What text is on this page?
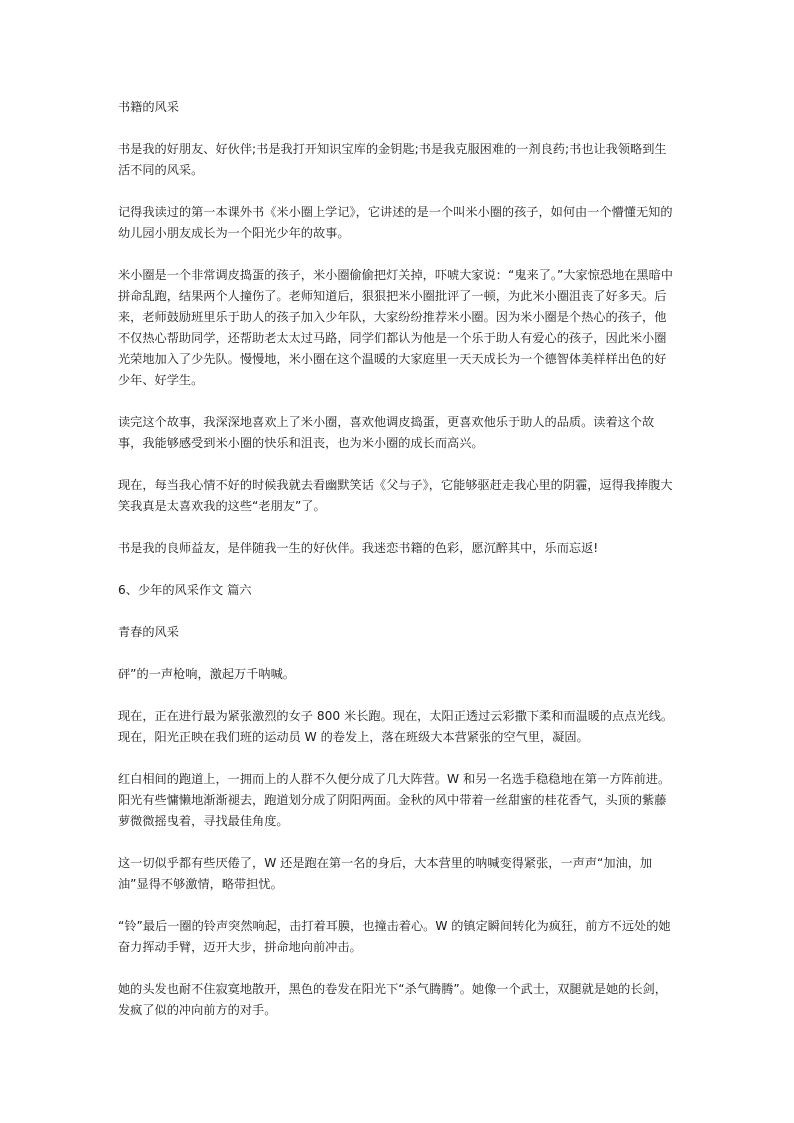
书籍的风采

书是我的好朋友、好伙伴;书是我打开知识宝库的金钥匙;书是我克服困难的一剂良药;书也让我领略到生活不同的风采。

记得我读过的第一本课外书《米小圈上学记》，它讲述的是一个叫米小圈的孩子，如何由一个懵懂无知的幼儿园小朋友成长为一个阳光少年的故事。

米小圈是一个非常调皮捣蛋的孩子，米小圈偷偷把灯关掉，吓唬大家说：“鬼来了。”大家惊恐地在黑暗中拼命乱跑，结果两个人撞伤了。老师知道后，狠狠把米小圈批评了一顿，为此米小圈沮丧了好多天。后来，老师鼓励班里乐于助人的孩子加入少年队，大家纷纷推荐米小圈。因为米小圈是个热心的孩子，他不仅热心帮助同学，还帮助老太太过马路，同学们都认为他是一个乐于助人有爱心的孩子，因此米小圈光荣地加入了少先队。慢慢地，米小圈在这个温暖的大家庭里一天天成长为一个德智体美样样出色的好少年、好学生。

读完这个故事，我深深地喜欢上了米小圈，喜欢他调皮捣蛋，更喜欢他乐于助人的品质。读着这个故事，我能够感受到米小圈的快乐和沮丧，也为米小圈的成长而高兴。

现在，每当我心情不好的时候我就去看幽默笑话《父与子》，它能够驱赶走我心里的阴霾，逗得我捧腹大笑我真是太喜欢我的这些“老朋友”了。

书是我的良师益友，是伴随我一生的好伙伴。我迷恋书籍的色彩，愿沉醉其中，乐而忘返!

6、少年的风采作文 篇六

青春的风采

砰”的一声枪响，激起万千呐喊。

现在，正在进行最为紧张激烈的女子 800 米长跑。现在，太阳正透过云彩撒下柔和而温暖的点点光线。现在，阳光正映在我们班的运动员 W 的卷发上，落在班级大本营紧张的空气里，凝固。

红白相间的跑道上，一拥而上的人群不久便分成了几大阵营。W 和另一名选手稳稳地在第一方阵前进。阳光有些慵懒地渐渐褪去，跑道划分成了阴阳两面。金秋的风中带着一丝甜蜜的桂花香气，头顶的紫藤萝微微摇曳着，寻找最佳角度。

这一切似乎都有些厌倦了，W 还是跑在第一名的身后，大本营里的呐喊变得紧张，一声声“加油，加油”显得不够激情，略带担忧。

“铃”最后一圈的铃声突然响起，击打着耳膜，也撞击着心。W 的镇定瞬间转化为疯狂，前方不远处的她奋力挥动手臂，迈开大步，拼命地向前冲击。

她的头发也耐不住寂寞地散开，黑色的卷发在阳光下“杀气腾腾”。她像一个武士，双腿就是她的长剑，发疯了似的冲向前方的对手。
